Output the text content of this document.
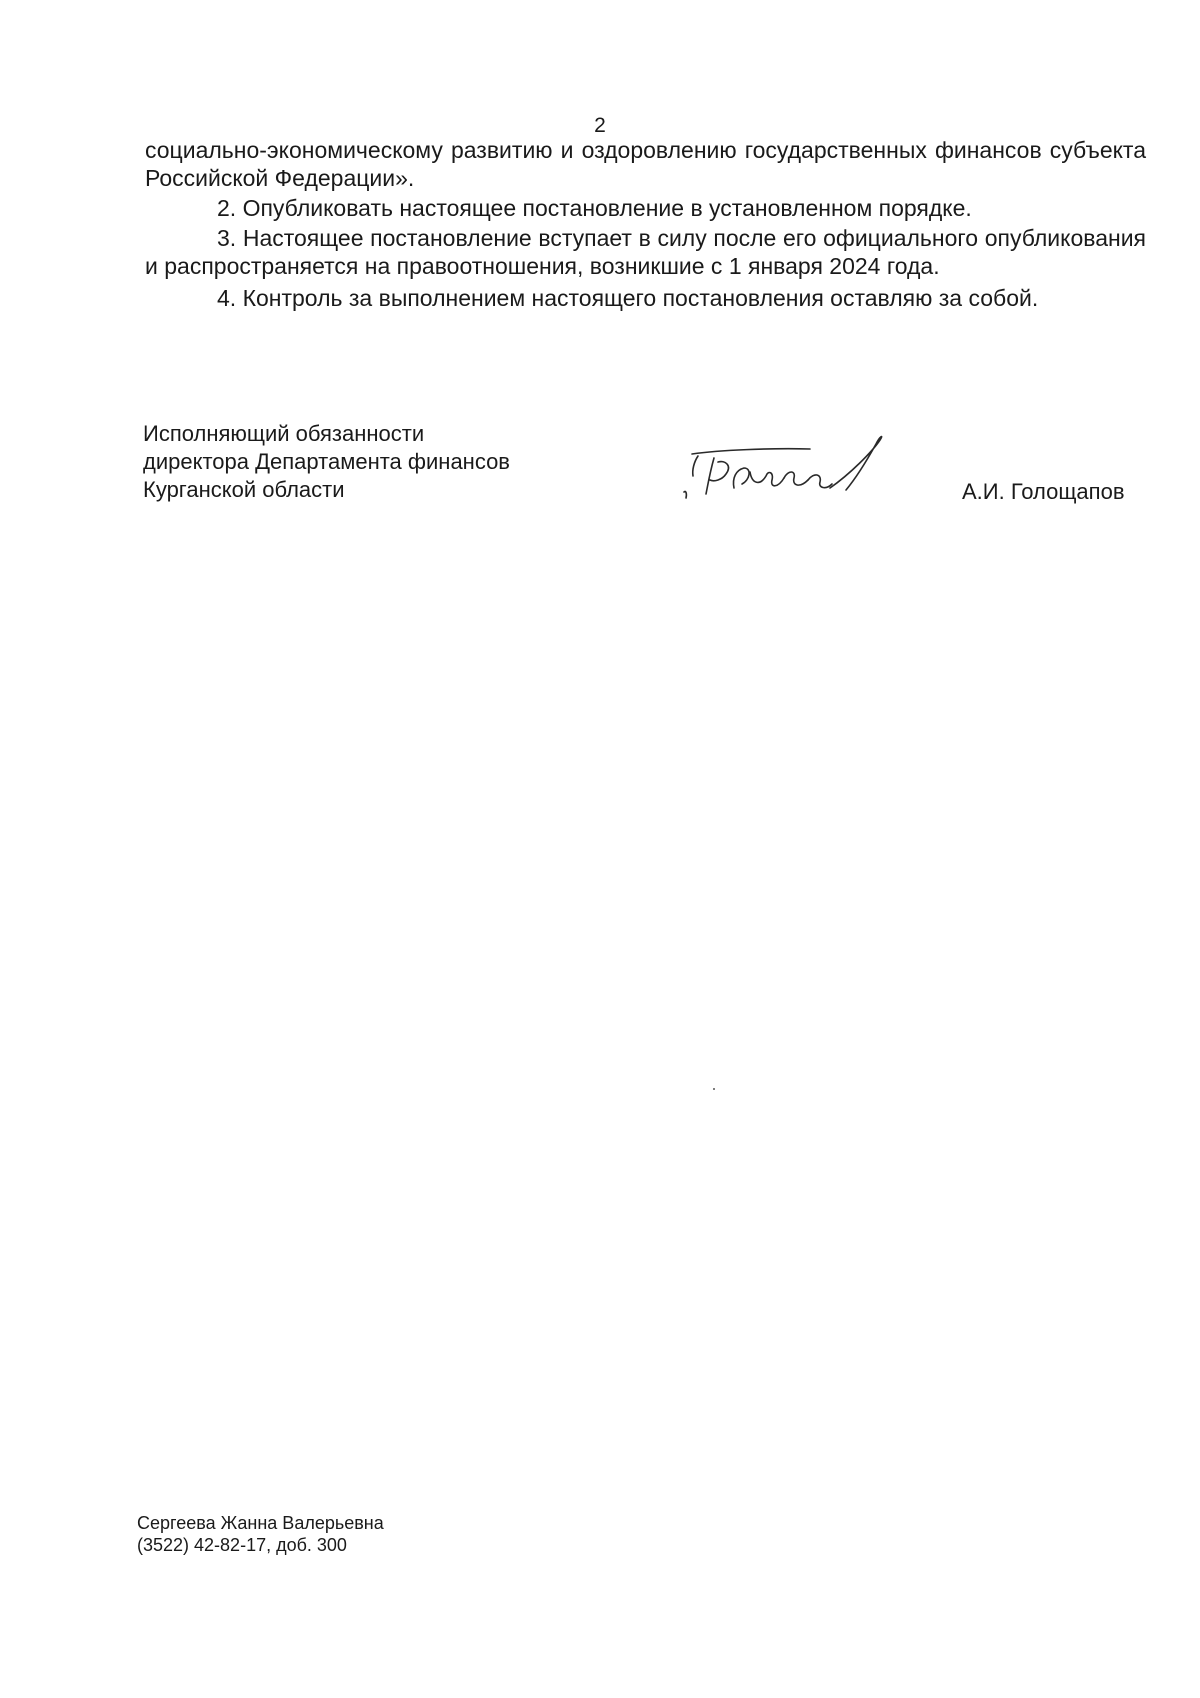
2

социально-экономическому развитию и оздоровлению государственных финансов субъекта Российской Федерации».

2. Опубликовать настоящее постановление в установленном порядке.

3. Настоящее постановление вступает в силу после его официального опубликования и распространяется на правоотношения, возникшие с 1 января 2024 года.

4. Контроль за выполнением настоящего постановления оставляю за собой.

Исполняющий обязанности
директора Департамента финансов
Курганской области	А.И. Голощапов
Сергеева Жанна Валерьевна
(3522) 42-82-17, доб. 300
